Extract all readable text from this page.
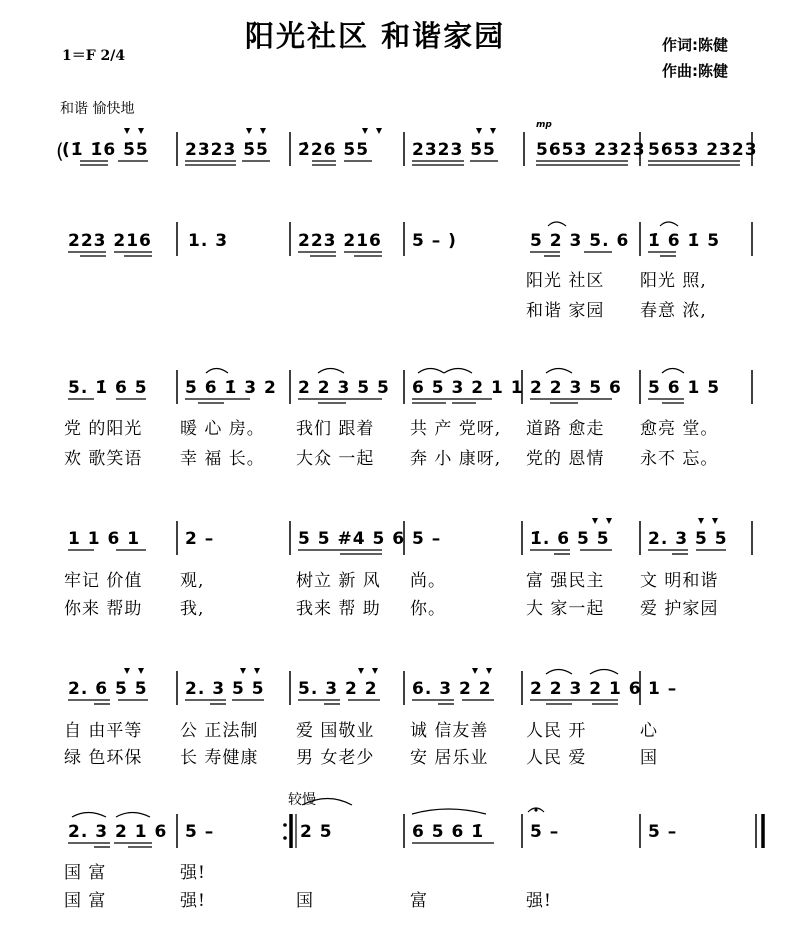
阳光社区 和谐家园	作词:陈健
作曲:陈健
1＝F 2/4
和谐 愉快地
mp
较慢
(1̇ 1̇6 5̇5 2323 5̇5 2̇26 5̇5	2323 5̇5 5653 2323 5653 2323
223 216 1. 3	223 216 5 – )	5 2 3 5. 6 1̇ 6 1̇ 5
阳光 社区 阳光 照,
和谐 家园 春意 浓,
5. 1̇ 6 5 5 6 1̇ 3 2 2 2 3 5 5 6 5 3 2 1 1 2 2 3 5 6 5 6 1 5
党 的阳光 暖 心 房。 我们 跟着 共 产 党呀, 道路 愈走 愈亮 堂。
欢 歌笑语 幸 福 长。 大众 一起 奔 小 康呀, 党的 恩情 永不 忘。
1 1 6 1	2 –	5 5 #4 5 6 5 –	1̇. 6 5 5 2. 3 5 5
牢记 价值 观,	树立 新 风 尚。	富 强民主 文 明和谐
你来 帮助 我,	我来 帮 助 你。	大 家一起 爱 护家园
2. 6 5 5 2. 3 5 5 5. 3 2 2 6. 3 2 2 2 2 3 2 1 6 1 –
自 由平等 公 正法制 爱 国敬业 诚 信友善 人民 开	心
绿 色环保 长 寿健康 男 女老少 安 居乐业 人民 爱	国
2. 3 2 1 6 5 –	2 5	6 5 6 1̇	5 –	5 –
国 富	强!
国 富	强!	国	富	强!
(
